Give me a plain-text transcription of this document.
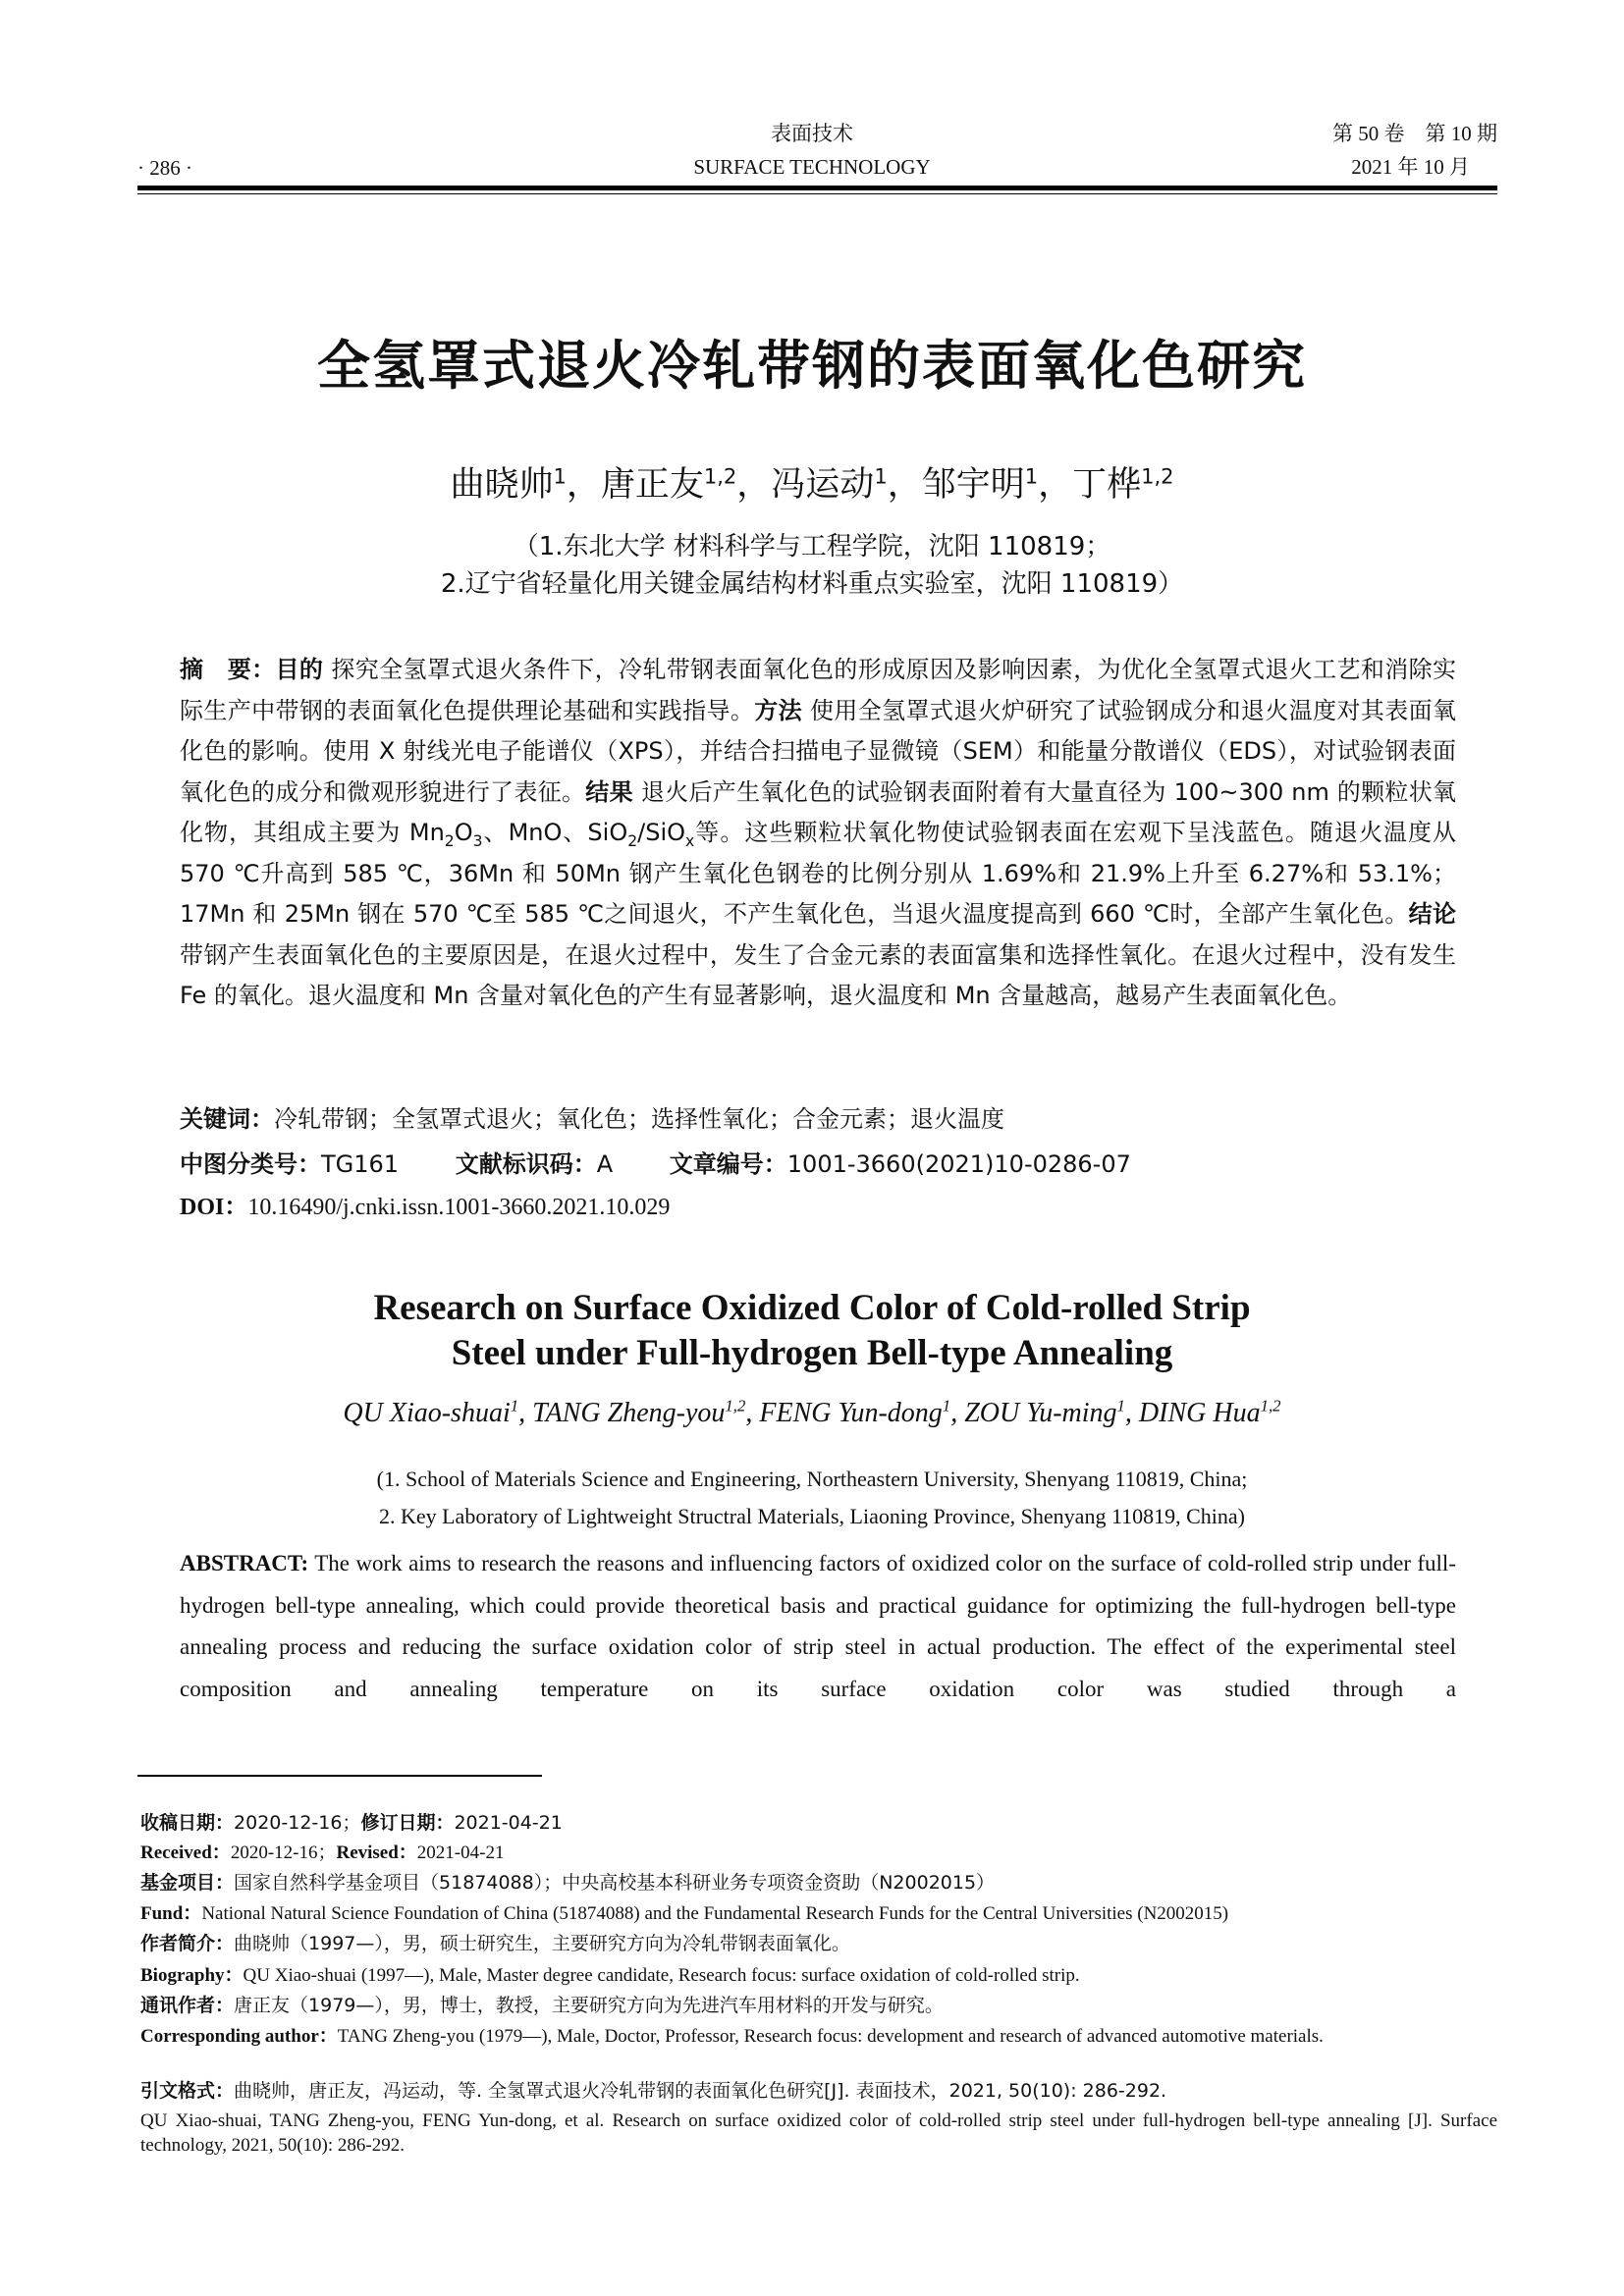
· 286 ·
表面技术
SURFACE TECHNOLOGY
第 50 卷　第 10 期
2021 年 10 月
全氢罩式退火冷轧带钢的表面氧化色研究
曲晓帅$^1$，唐正友$^{1,2}$，冯运动$^1$，邹宇明$^1$，丁桦$^{1,2}$
（1.东北大学 材料科学与工程学院，沈阳 110819；
2.辽宁省轻量化用关键金属结构材料重点实验室，沈阳 110819）
摘　要：目的 探究全氢罩式退火条件下，冷轧带钢表面氧化色的形成原因及影响因素，为优化全氢罩式退火工艺和消除实际生产中带钢的表面氧化色提供理论基础和实践指导。方法 使用全氢罩式退火炉研究了试验钢成分和退火温度对其表面氧化色的影响。使用 X 射线光电子能谱仪（XPS），并结合扫描电子显微镜（SEM）和能量分散谱仪（EDS），对试验钢表面氧化色的成分和微观形貌进行了表征。结果 退火后产生氧化色的试验钢表面附着有大量直径为 100~300 nm 的颗粒状氧化物，其组成主要为 $Mn_2O_3$、MnO、SiO$_2$/SiO$_x$等。这些颗粒状氧化物使试验钢表面在宏观下呈浅蓝色。随退火温度从 570 ℃升高到 585 ℃，36Mn 和 50Mn 钢产生氧化色钢卷的比例分别从 1.69%和 21.9%上升至 6.27%和 53.1%；17Mn 和 25Mn 钢在 570 ℃至 585 ℃之间退火，不产生氧化色，当退火温度提高到 660 ℃时，全部产生氧化色。结论 带钢产生表面氧化色的主要原因是，在退火过程中，发生了合金元素的表面富集和选择性氧化。在退火过程中，没有发生 Fe 的氧化。退火温度和 Mn 含量对氧化色的产生有显著影响，退火温度和 Mn 含量越高，越易产生表面氧化色。
关键词：冷轧带钢；全氢罩式退火；氧化色；选择性氧化；合金元素；退火温度
中图分类号：TG161 文献标识码：A 文章编号：1001-3660(2021)10-0286-07
DOI：10.16490/j.cnki.issn.1001-3660.2021.10.029
Research on Surface Oxidized Color of Cold-rolled Strip
Steel under Full-hydrogen Bell-type Annealing
QU Xiao-shuai$^1$, TANG Zheng-you$^{1,2}$, FENG Yun-dong$^1$, ZOU Yu-ming$^1$, DING Hua$^{1,2}$
(1. School of Materials Science and Engineering, Northeastern University, Shenyang 110819, China;
2. Key Laboratory of Lightweight Structral Materials, Liaoning Province, Shenyang 110819, China)
ABSTRACT: The work aims to research the reasons and influencing factors of oxidized color on the surface of cold-rolled strip under full-hydrogen bell-type annealing, which could provide theoretical basis and practical guidance for optimizing the full-hydrogen bell-type annealing process and reducing the surface oxidation color of strip steel in actual production. The effect of the experimental steel composition and annealing temperature on its surface oxidation color was studied through a
收稿日期：2020-12-16；修订日期：2021-04-21
Received：2020-12-16；Revised：2021-04-21
基金项目：国家自然科学基金项目（51874088）；中央高校基本科研业务专项资金资助（N2002015）
Fund：National Natural Science Foundation of China (51874088) and the Fundamental Research Funds for the Central Universities (N2002015)
作者简介：曲晓帅（1997—），男，硕士研究生，主要研究方向为冷轧带钢表面氧化。
Biography：QU Xiao-shuai (1997—), Male, Master degree candidate, Research focus: surface oxidation of cold-rolled strip.
通讯作者：唐正友（1979—），男，博士，教授，主要研究方向为先进汽车用材料的开发与研究。
Corresponding author：TANG Zheng-you (1979—), Male, Doctor, Professor, Research focus: development and research of advanced automotive materials.
引文格式：曲晓帅，唐正友，冯运动，等. 全氢罩式退火冷轧带钢的表面氧化色研究[J]. 表面技术，2021, 50(10): 286-292.
QU Xiao-shuai, TANG Zheng-you, FENG Yun-dong, et al. Research on surface oxidized color of cold-rolled strip steel under full-hydrogen bell-type annealing [J]. Surface technology, 2021, 50(10): 286-292.
